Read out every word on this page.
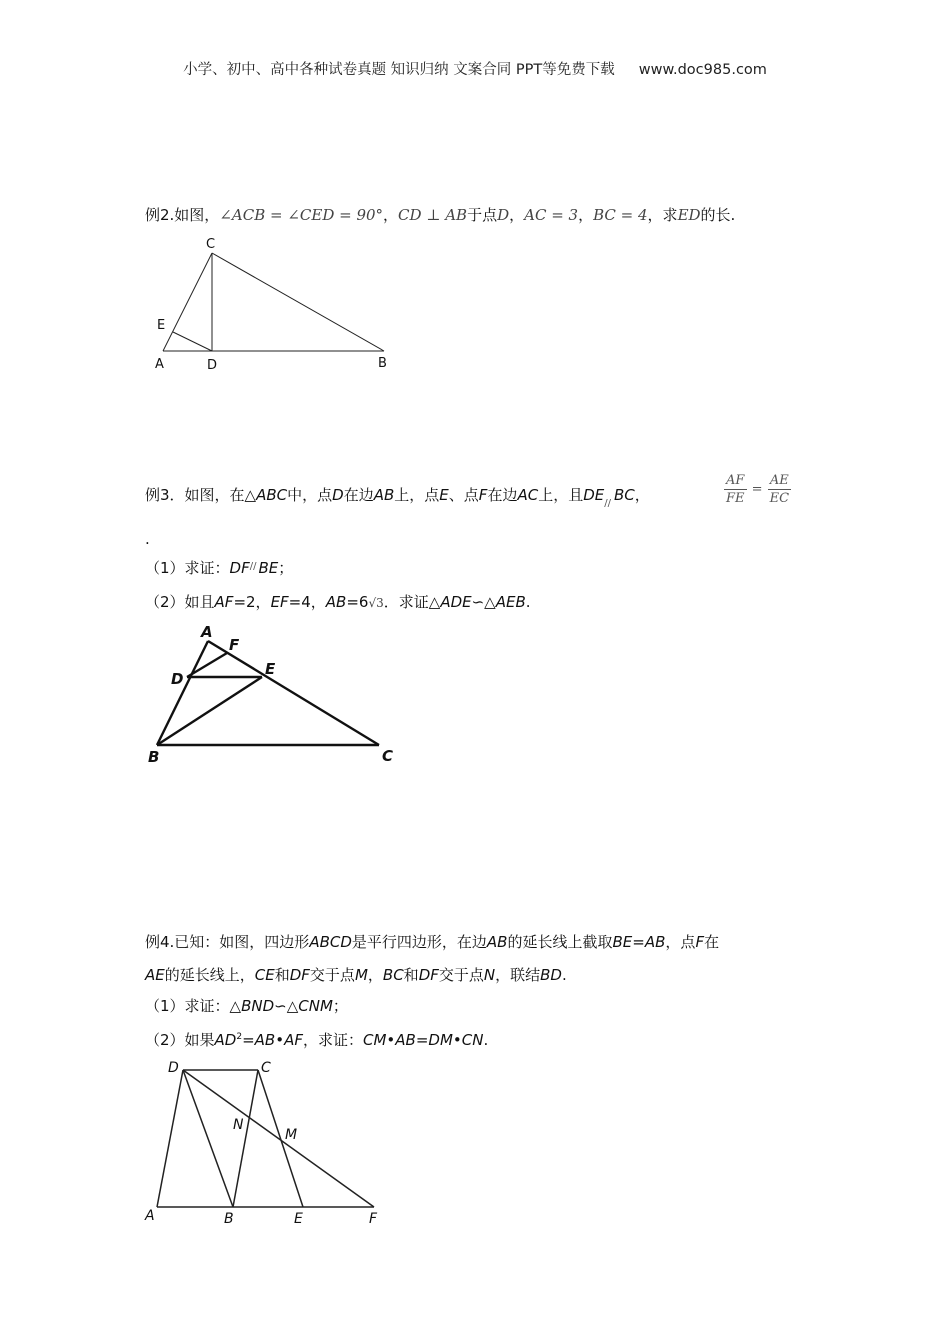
小学、初中、高中各种试卷真题 知识归纳 文案合同 PPT等免费下载 www.doc985.com
例2.如图，∠ACB = ∠CED = 90°，CD ⊥ AB于点D，AC = 3，BC = 4，求ED的长.
C
E
A	D	B
A
F
D
E
B	C
D	C
N
M
A	B	E	F
例3．如图，在△ABC中，点D在边AB上，点E、点F在边AC上，且$DE_{//}$ BC，	$\frac{AF}{FE} = \frac{AE}{EC}$
.
（1）求证：DF// BE；
（2）如且AF=2，EF=4，AB=6√3．求证△ADE∽△AEB.
例4.已知：如图，四边形ABCD是平行四边形，在边AB的延长线上截取BE=AB，点F在
AE的延长线上，CE和DF交于点M，BC和DF交于点N，联结BD.
（1）求证：△BND∽△CNM；
（2）如果$AD^2=AB•AF$，求证：CM•AB=DM•CN.
